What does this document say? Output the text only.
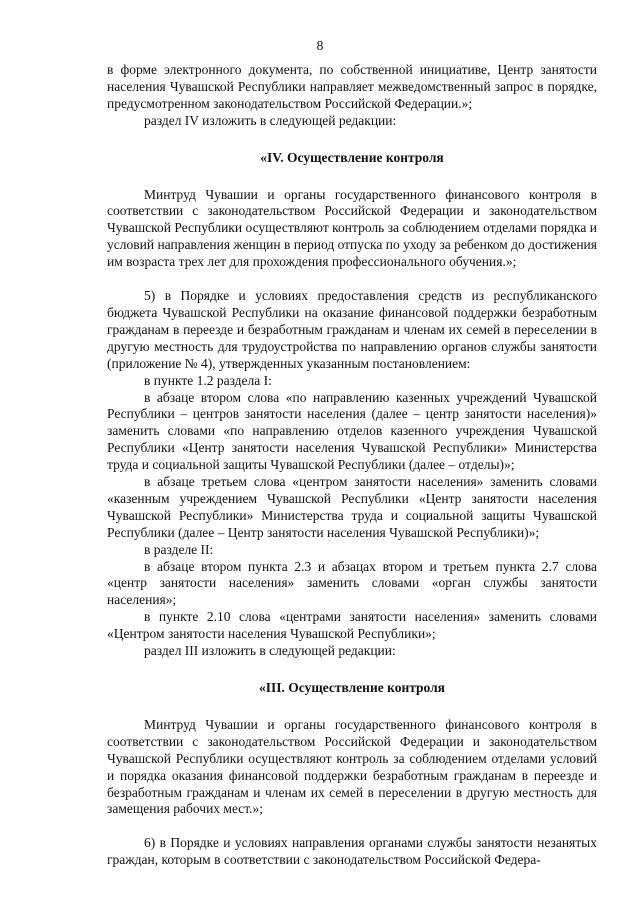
8

в форме электронного документа, по собственной инициативе, Центр занятости населения Чувашской Республики направляет межведомственный запрос в порядке, предусмотренном законодательством Российской Федерации.»;

раздел IV изложить в следующей редакции:

«IV. Осуществление контроля

Минтруд Чувашии и органы государственного финансового контроля в соответствии с законодательством Российской Федерации и законодательством Чувашской Республики осуществляют контроль за соблюдением отделами порядка и условий направления женщин в период отпуска по уходу за ребенком до достижения им возраста трех лет для прохождения профессионального обучения.»;

5) в Порядке и условиях предоставления средств из республиканского бюджета Чувашской Республики на оказание финансовой поддержки безработным гражданам в переезде и безработным гражданам и членам их семей в переселении в другую местность для трудоустройства по направлению органов службы занятости (приложение № 4), утвержденных указанным постановлением:

в пункте 1.2 раздела I:

в абзаце втором слова «по направлению казенных учреждений Чувашской Республики – центров занятости населения (далее – центр занятости населения)» заменить словами «по направлению отделов казенного учреждения Чувашской Республики «Центр занятости населения Чувашской Республики» Министерства труда и социальной защиты Чувашской Республики (далее – отделы)»;

в абзаце третьем слова «центром занятости населения» заменить словами «казенным учреждением Чувашской Республики «Центр занятости населения Чувашской Республики» Министерства труда и социальной защиты Чувашской Республики (далее – Центр занятости населения Чувашской Республики)»;

в разделе II:

в абзаце втором пункта 2.3 и абзацах втором и третьем пункта 2.7 слова «центр занятости населения» заменить словами «орган службы занятости населения»;

в пункте 2.10 слова «центрами занятости населения» заменить словами «Центром занятости населения Чувашской Республики»;

раздел III изложить в следующей редакции:

«III. Осуществление контроля

Минтруд Чувашии и органы государственного финансового контроля в соответствии с законодательством Российской Федерации и законодательством Чувашской Республики осуществляют контроль за соблюдением отделами условий и порядка оказания финансовой поддержки безработным гражданам в переезде и безработным гражданам и членам их семей в переселении в другую местность для замещения рабочих мест.»;

6) в Порядке и условиях направления органами службы занятости незанятых граждан, которым в соответствии с законодательством Российской Федера-
